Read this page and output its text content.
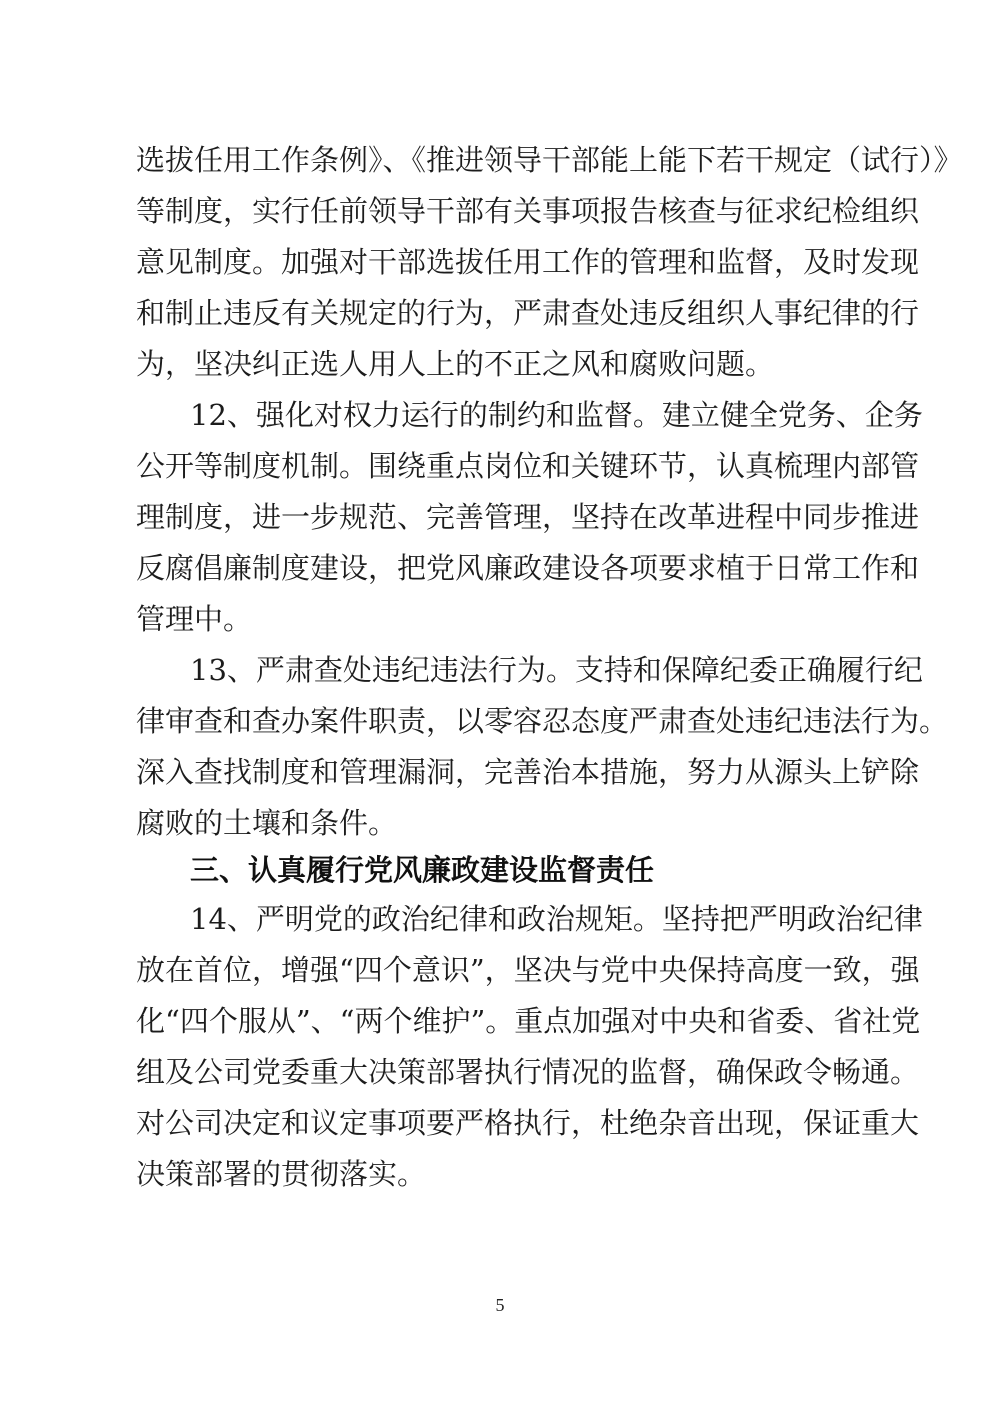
选拔任用工作条例》、《推进领导干部能上能下若干规定（试行）》
等制度，实行任前领导干部有关事项报告核查与征求纪检组织
意见制度。加强对干部选拔任用工作的管理和监督，及时发现
和制止违反有关规定的行为，严肃查处违反组织人事纪律的行
为，坚决纠正选人用人上的不正之风和腐败问题。
12、强化对权力运行的制约和监督。建立健全党务、企务
公开等制度机制。围绕重点岗位和关键环节，认真梳理内部管
理制度，进一步规范、完善管理，坚持在改革进程中同步推进
反腐倡廉制度建设，把党风廉政建设各项要求植于日常工作和
管理中。
13、严肃查处违纪违法行为。支持和保障纪委正确履行纪
律审查和查办案件职责，以零容忍态度严肃查处违纪违法行为。
深入查找制度和管理漏洞，完善治本措施，努力从源头上铲除
腐败的土壤和条件。
三、认真履行党风廉政建设监督责任
14、严明党的政治纪律和政治规矩。坚持把严明政治纪律
放在首位，增强“四个意识”，坚决与党中央保持高度一致，强
化“四个服从”、“两个维护”。重点加强对中央和省委、省社党
组及公司党委重大决策部署执行情况的监督，确保政令畅通。
对公司决定和议定事项要严格执行，杜绝杂音出现，保证重大
决策部署的贯彻落实。
5
